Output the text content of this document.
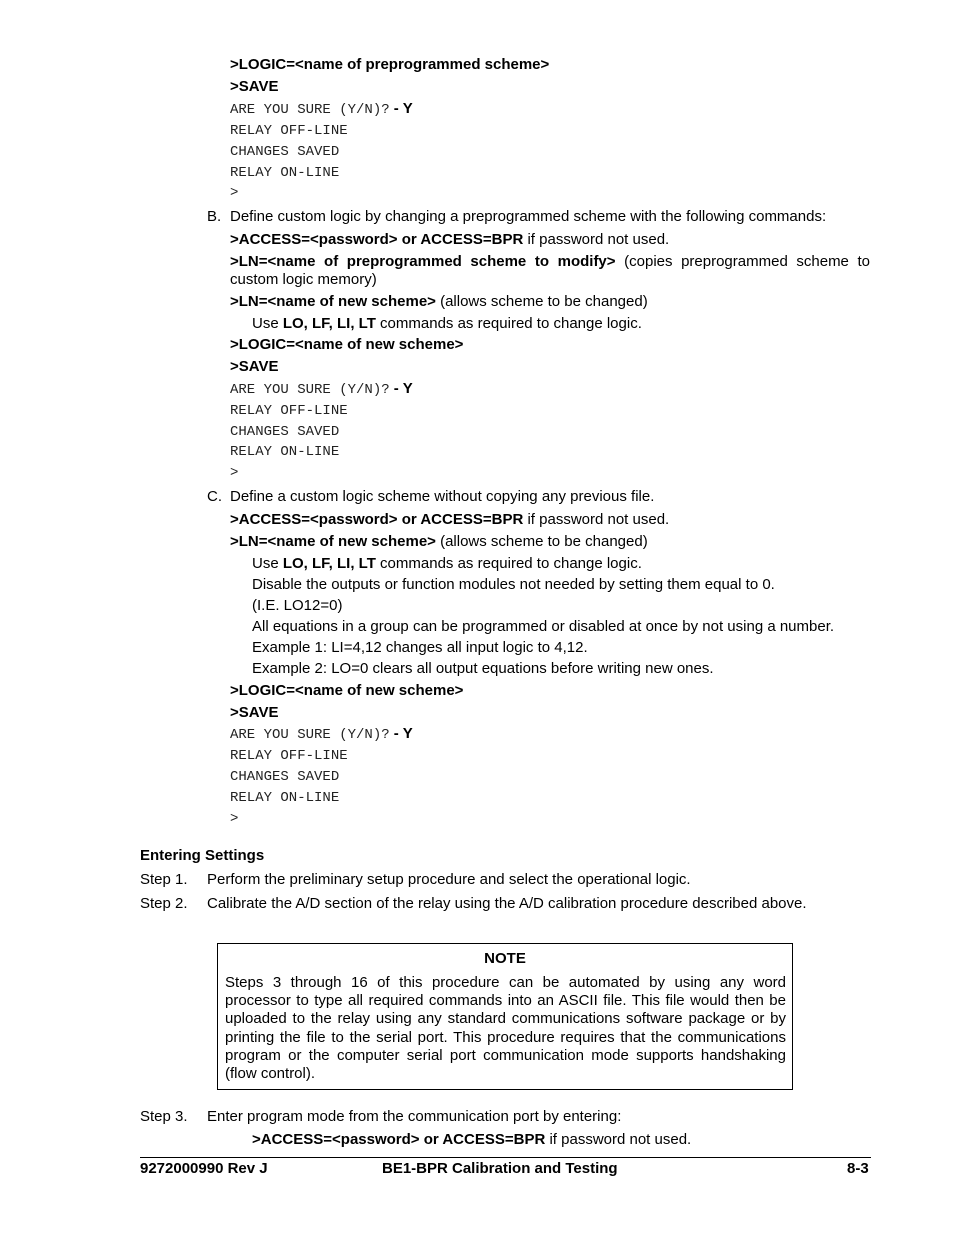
>LOGIC=<name of preprogrammed scheme>
>SAVE
ARE YOU SURE (Y/N)? - Y
RELAY OFF-LINE
CHANGES SAVED
RELAY ON-LINE
>
B. Define custom logic by changing a preprogrammed scheme with the following commands:
>ACCESS=<password> or ACCESS=BPR if password not used.
>LN=<name of preprogrammed scheme to modify> (copies preprogrammed scheme to custom logic memory)
>LN=<name of new scheme> (allows scheme to be changed)
Use LO, LF, LI, LT commands as required to change logic.
>LOGIC=<name of new scheme>
>SAVE
ARE YOU SURE (Y/N)? - Y
RELAY OFF-LINE
CHANGES SAVED
RELAY ON-LINE
>
C. Define a custom logic scheme without copying any previous file.
>ACCESS=<password> or ACCESS=BPR if password not used.
>LN=<name of new scheme> (allows scheme to be changed)
Use LO, LF, LI, LT commands as required to change logic.
Disable the outputs or function modules not needed by setting them equal to 0.
(I.E. LO12=0)
All equations in a group can be programmed or disabled at once by not using a number.
Example 1: LI=4,12 changes all input logic to 4,12.
Example 2: LO=0 clears all output equations before writing new ones.
>LOGIC=<name of new scheme>
>SAVE
ARE YOU SURE (Y/N)? - Y
RELAY OFF-LINE
CHANGES SAVED
RELAY ON-LINE
>
Entering Settings
Step 1. Perform the preliminary setup procedure and select the operational logic.
Step 2. Calibrate the A/D section of the relay using the A/D calibration procedure described above.
NOTE
Steps 3 through 16 of this procedure can be automated by using any word processor to type all required commands into an ASCII file. This file would then be uploaded to the relay using any standard communications software package or by printing the file to the serial port. This procedure requires that the communications program or the computer serial port communication mode supports handshaking (flow control).
Step 3. Enter program mode from the communication port by entering:
>ACCESS=<password> or ACCESS=BPR if password not used.
9272000990 Rev J	BE1-BPR Calibration and Testing	8-3
